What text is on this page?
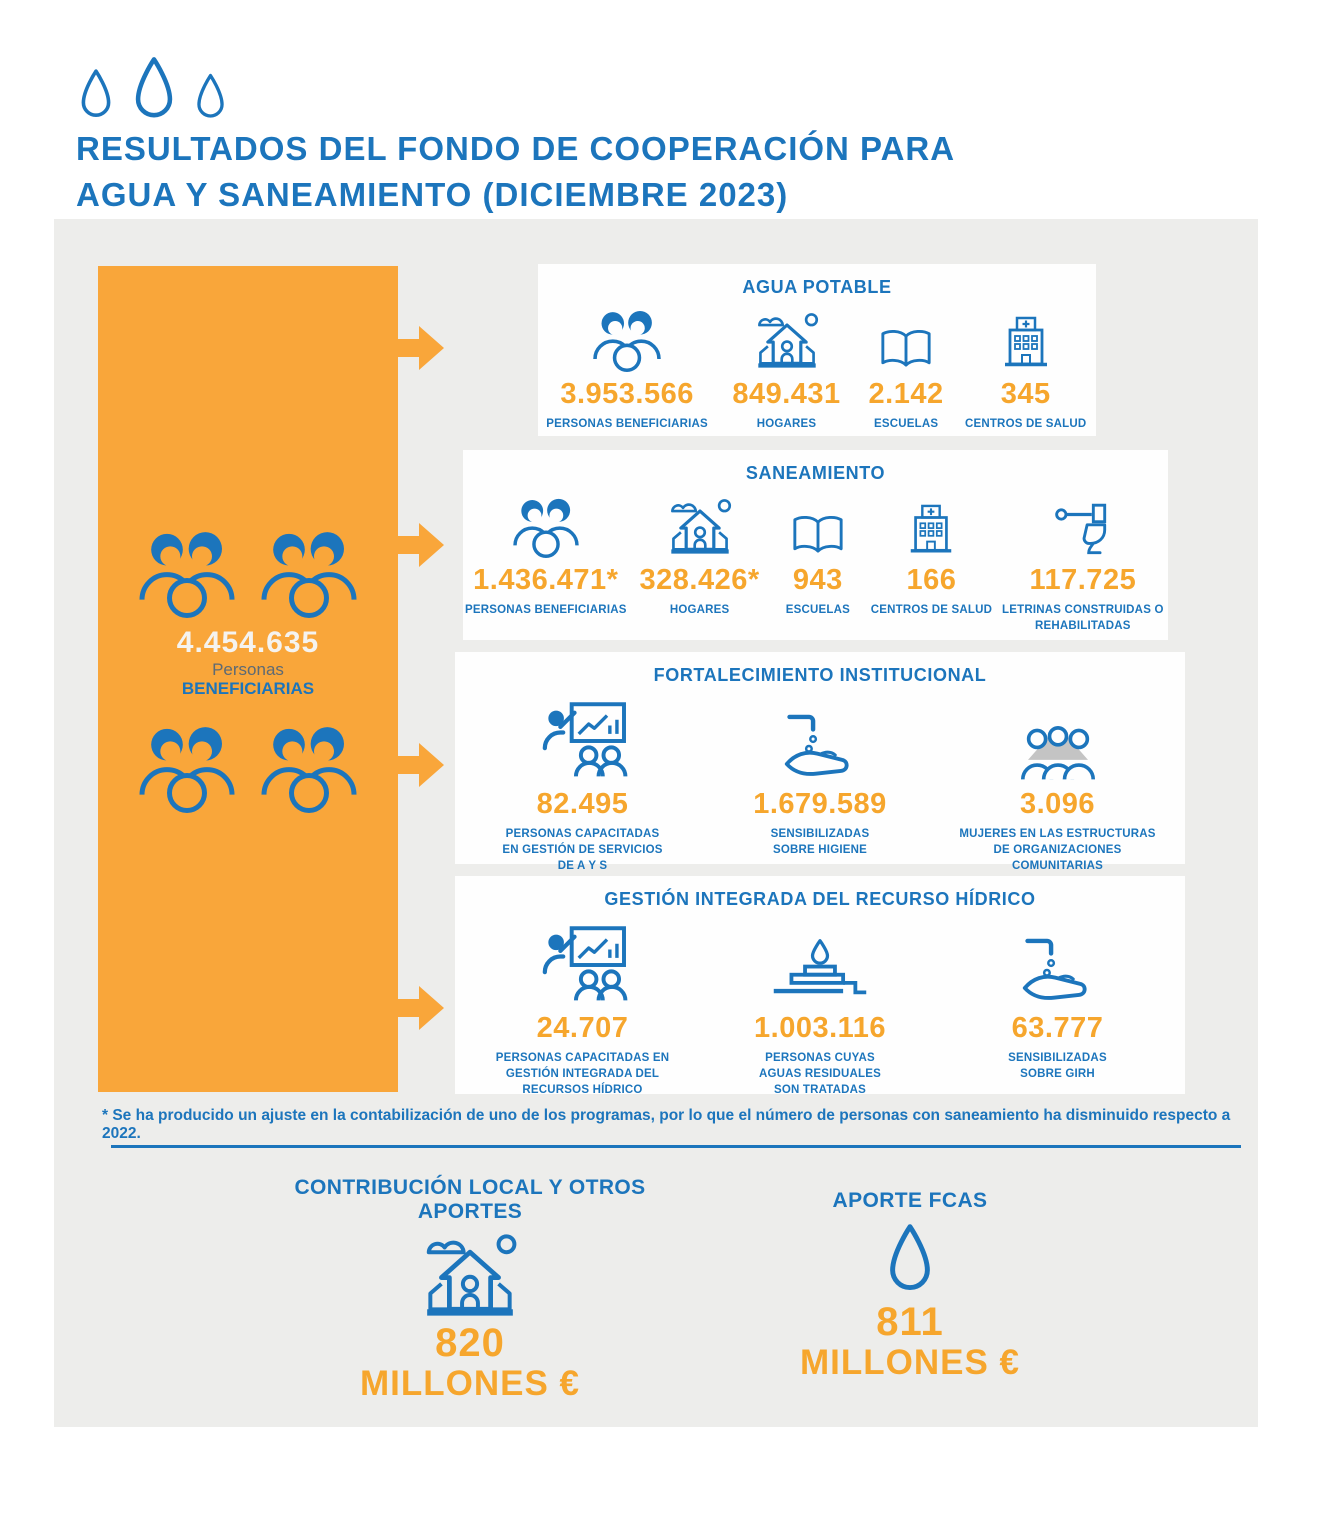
RESULTADOS DEL FONDO DE COOPERACIÓN PARA
AGUA Y SANEAMIENTO (DICIEMBRE 2023)
4.454.635
Personas
BENEFICIARIAS
AGUA POTABLE
3.953.566
PERSONAS BENEFICIARIAS
849.431
HOGARES
2.142
ESCUELAS
345
CENTROS DE SALUD
SANEAMIENTO
1.436.471*
PERSONAS BENEFICIARIAS
328.426*
HOGARES
943
ESCUELAS
166
CENTROS DE SALUD
117.725
LETRINAS CONSTRUIDAS O REHABILITADAS
FORTALECIMIENTO INSTITUCIONAL
82.495
PERSONAS CAPACITADAS EN GESTIÓN DE SERVICIOS DE A Y S
1.679.589
SENSIBILIZADAS SOBRE HIGIENE
3.096
MUJERES EN LAS ESTRUCTURAS DE ORGANIZACIONES COMUNITARIAS
GESTIÓN INTEGRADA DEL RECURSO HÍDRICO
24.707
PERSONAS CAPACITADAS EN GESTIÓN INTEGRADA DEL RECURSOS HÍDRICO
1.003.116
PERSONAS CUYAS AGUAS RESIDUALES SON TRATADAS
63.777
SENSIBILIZADAS SOBRE GIRH
* Se ha producido un ajuste en la contabilización de uno de los programas, por lo que el número de personas con saneamiento ha disminuido respecto a 2022.
CONTRIBUCIÓN LOCAL Y OTROS APORTES
820
MILLONES €
APORTE FCAS
811
MILLONES €
